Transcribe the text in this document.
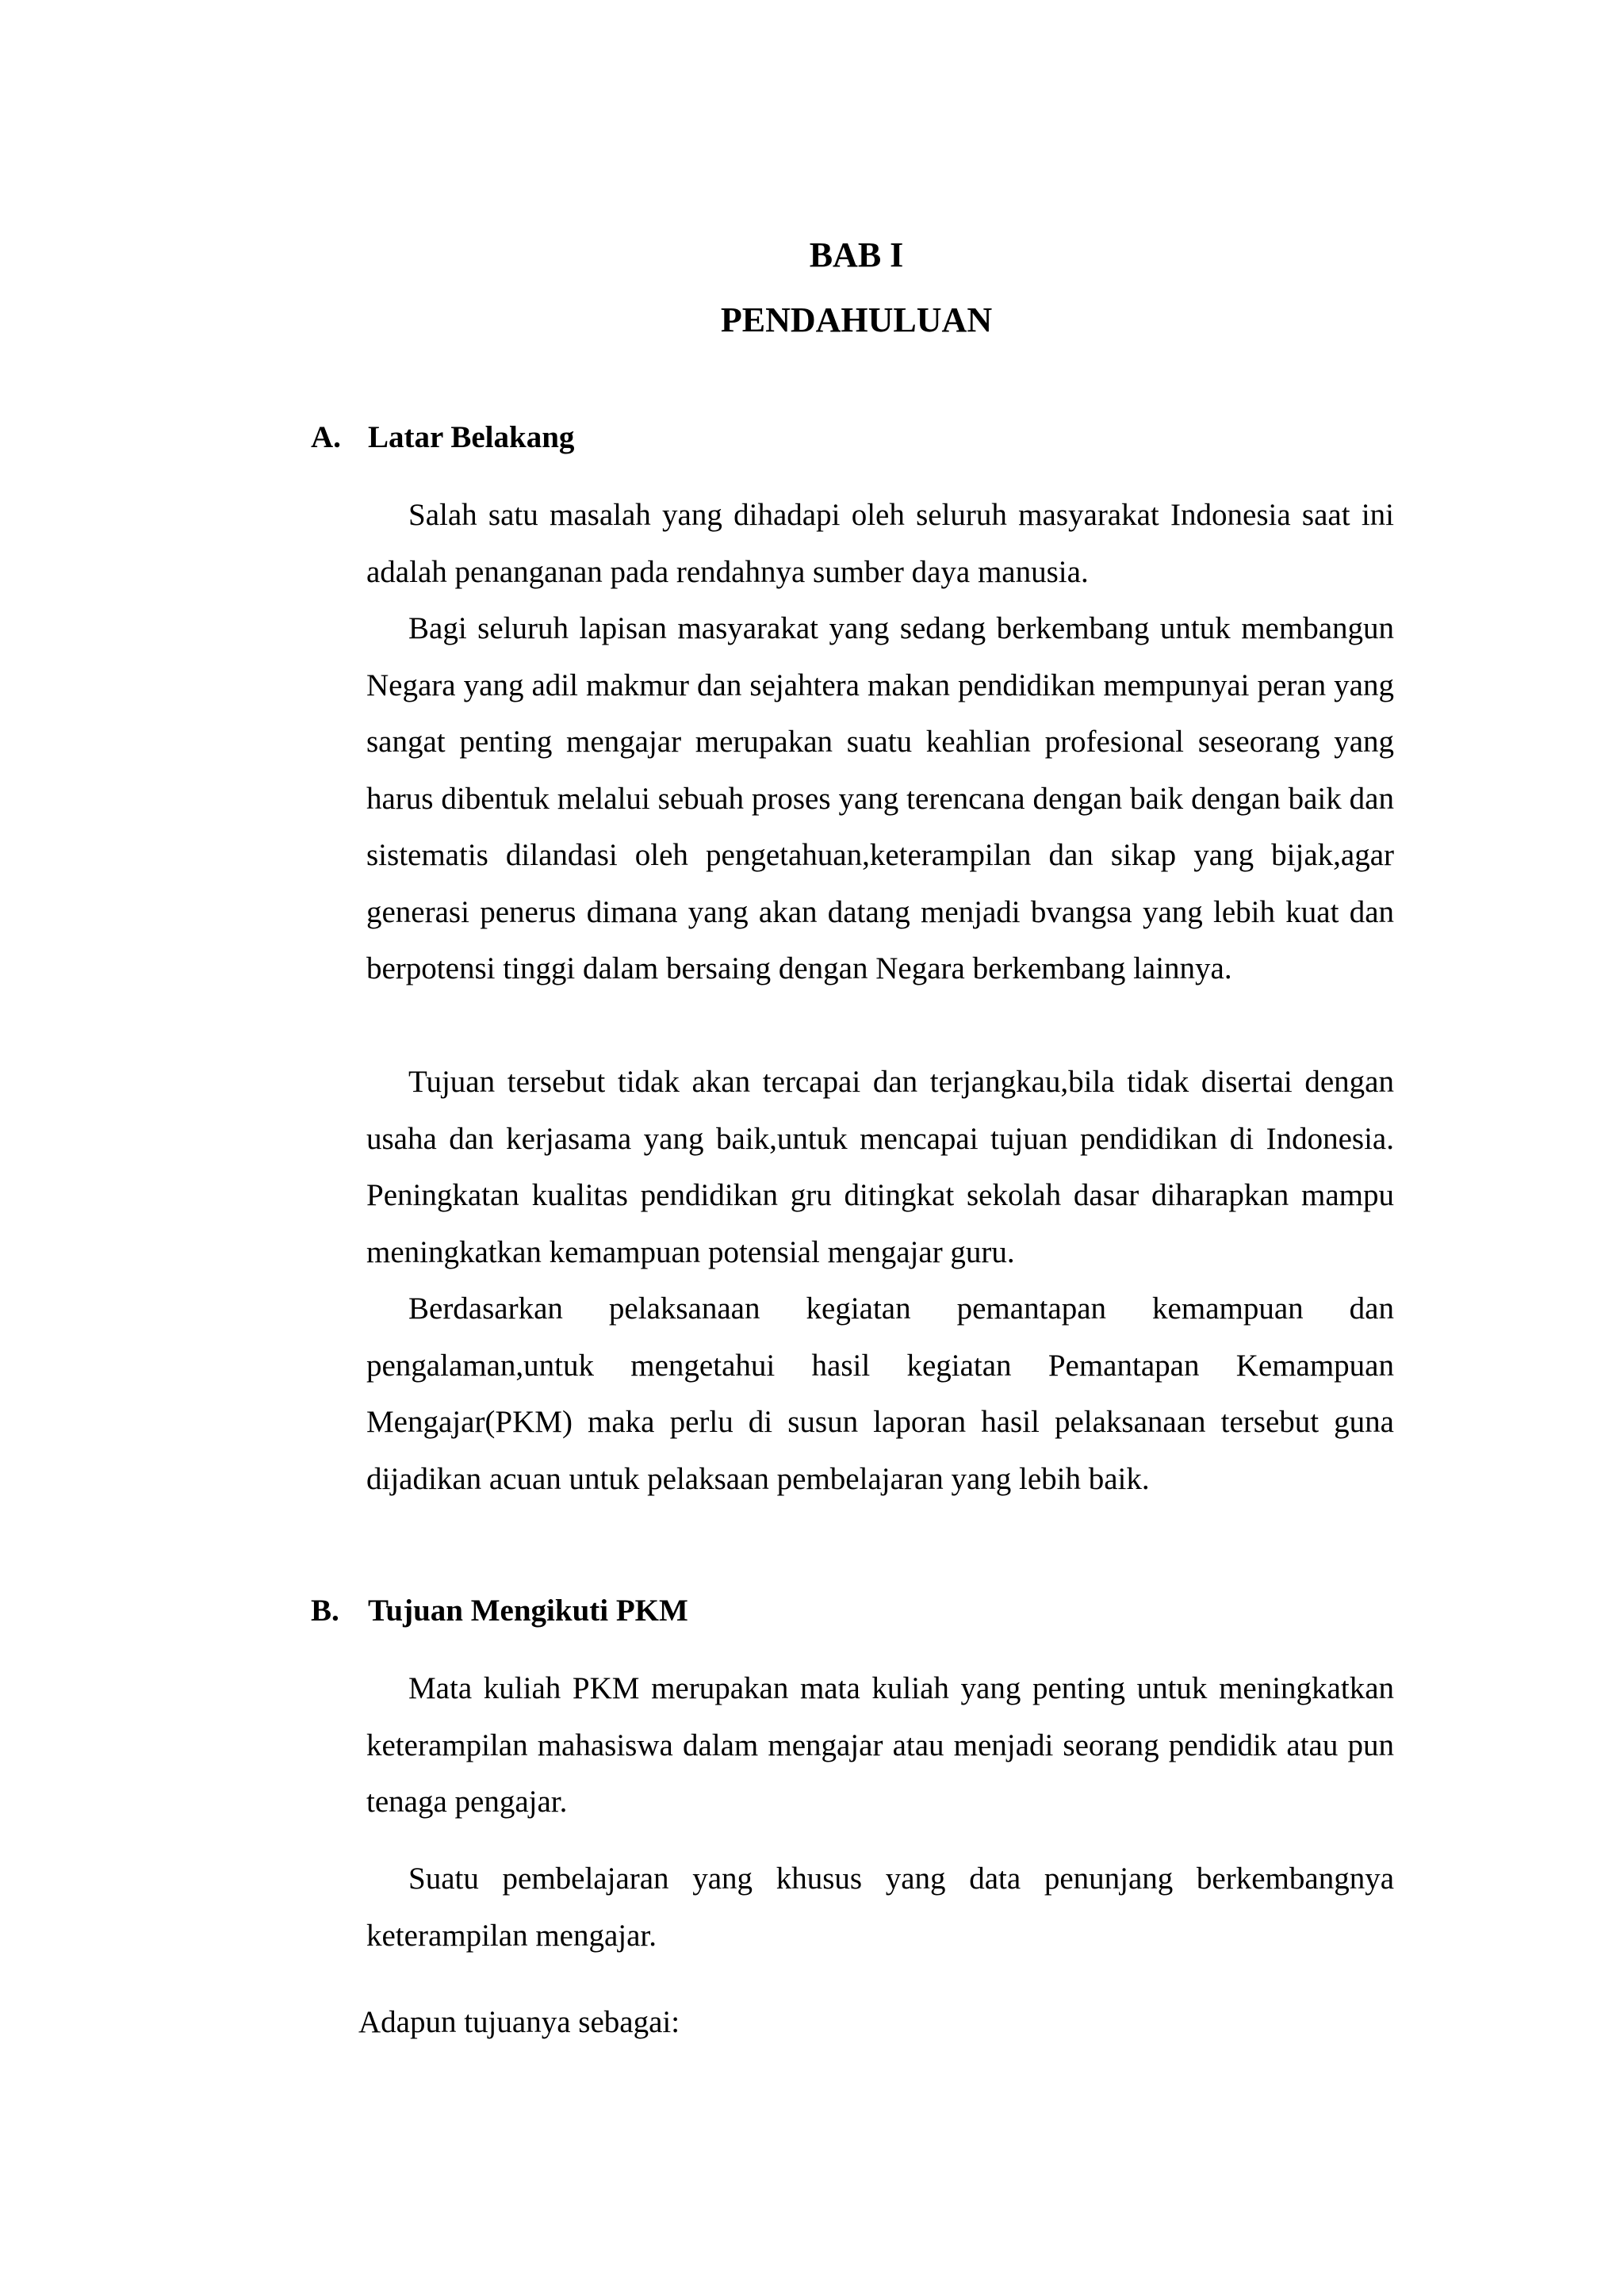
BAB I
PENDAHULUAN
A. Latar Belakang

Salah satu masalah yang dihadapi oleh seluruh masyarakat Indonesia saat ini adalah penanganan pada rendahnya sumber daya manusia.

Bagi seluruh lapisan masyarakat yang sedang berkembang untuk membangun Negara yang adil makmur dan sejahtera makan pendidikan mempunyai peran yang sangat penting mengajar merupakan suatu keahlian profesional seseorang yang harus dibentuk melalui sebuah proses yang terencana dengan baik dengan baik dan sistematis dilandasi oleh pengetahuan,keterampilan dan sikap yang bijak,agar generasi penerus dimana yang akan datang menjadi bvangsa yang lebih kuat dan berpotensi tinggi dalam bersaing dengan Negara berkembang lainnya.

Tujuan tersebut tidak akan tercapai dan terjangkau,bila tidak disertai dengan usaha dan kerjasama yang baik,untuk mencapai tujuan pendidikan di Indonesia. Peningkatan kualitas pendidikan gru ditingkat sekolah dasar diharapkan mampu meningkatkan kemampuan potensial mengajar guru.

Berdasarkan pelaksanaan kegiatan pemantapan kemampuan dan pengalaman,untuk mengetahui hasil kegiatan Pemantapan Kemampuan Mengajar(PKM) maka perlu di susun laporan hasil pelaksanaan tersebut guna dijadikan acuan untuk pelaksaan pembelajaran yang lebih baik.

B. Tujuan Mengikuti PKM

Mata kuliah PKM merupakan mata kuliah yang penting untuk meningkatkan keterampilan mahasiswa dalam mengajar atau menjadi seorang pendidik atau pun tenaga pengajar.

Suatu pembelajaran yang khusus yang data penunjang berkembangnya keterampilan mengajar.

Adapun tujuanya sebagai:
